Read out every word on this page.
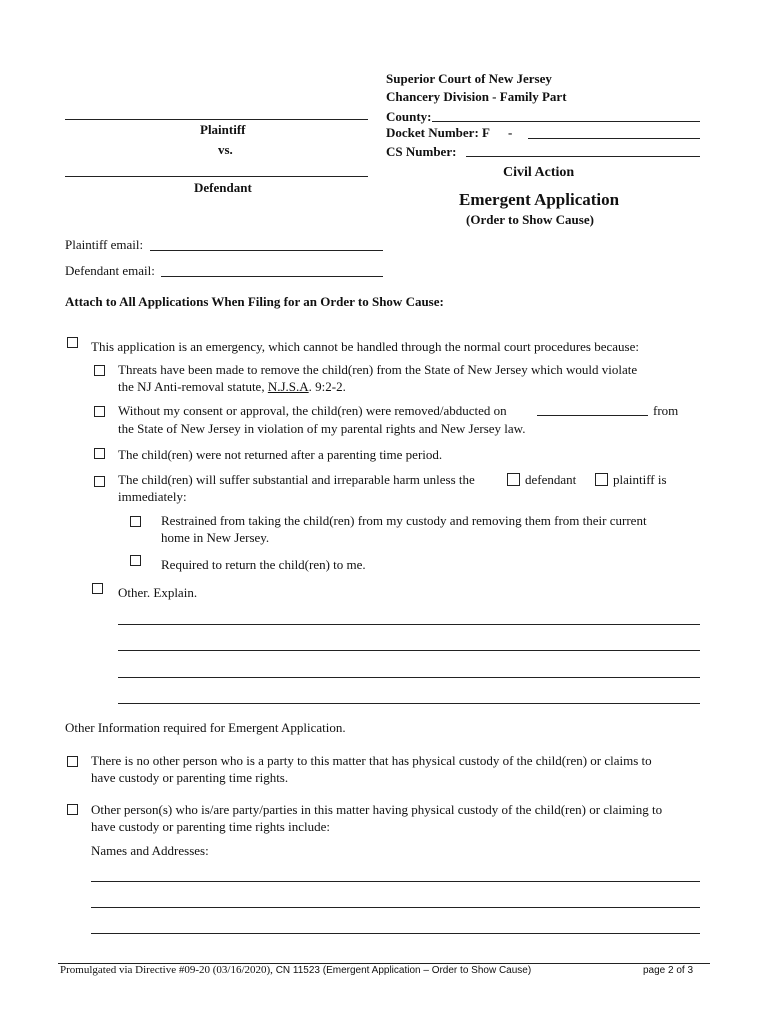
Superior Court of New Jersey
Chancery Division - Family Part
County:
Docket Number: F -
CS Number:
Civil Action
Plaintiff
vs.
Defendant
Emergent Application
(Order to Show Cause)
Plaintiff email:
Defendant email:
Attach to All Applications When Filing for an Order to Show Cause:
This application is an emergency, which cannot be handled through the normal court procedures because:
Threats have been made to remove the child(ren) from the State of New Jersey which would violate
the NJ Anti-removal statute, N.J.S.A. 9:2-2.
Without my consent or approval, the child(ren) were removed/abducted on	from
the State of New Jersey in violation of my parental rights and New Jersey law.
The child(ren) were not returned after a parenting time period.
The child(ren) will suffer substantial and irreparable harm unless the	defendant	plaintiff is
immediately:
Restrained from taking the child(ren) from my custody and removing them from their current
home in New Jersey.
Required to return the child(ren) to me.
Other. Explain.
Other Information required for Emergent Application.
There is no other person who is a party to this matter that has physical custody of the child(ren) or claims to
have custody or parenting time rights.
Other person(s) who is/are party/parties in this matter having physical custody of the child(ren) or claiming to
have custody or parenting time rights include:
Names and Addresses:
Promulgated via Directive #09-20 (03/16/2020), CN 11523 (Emergent Application – Order to Show Cause)	page 2 of 3
